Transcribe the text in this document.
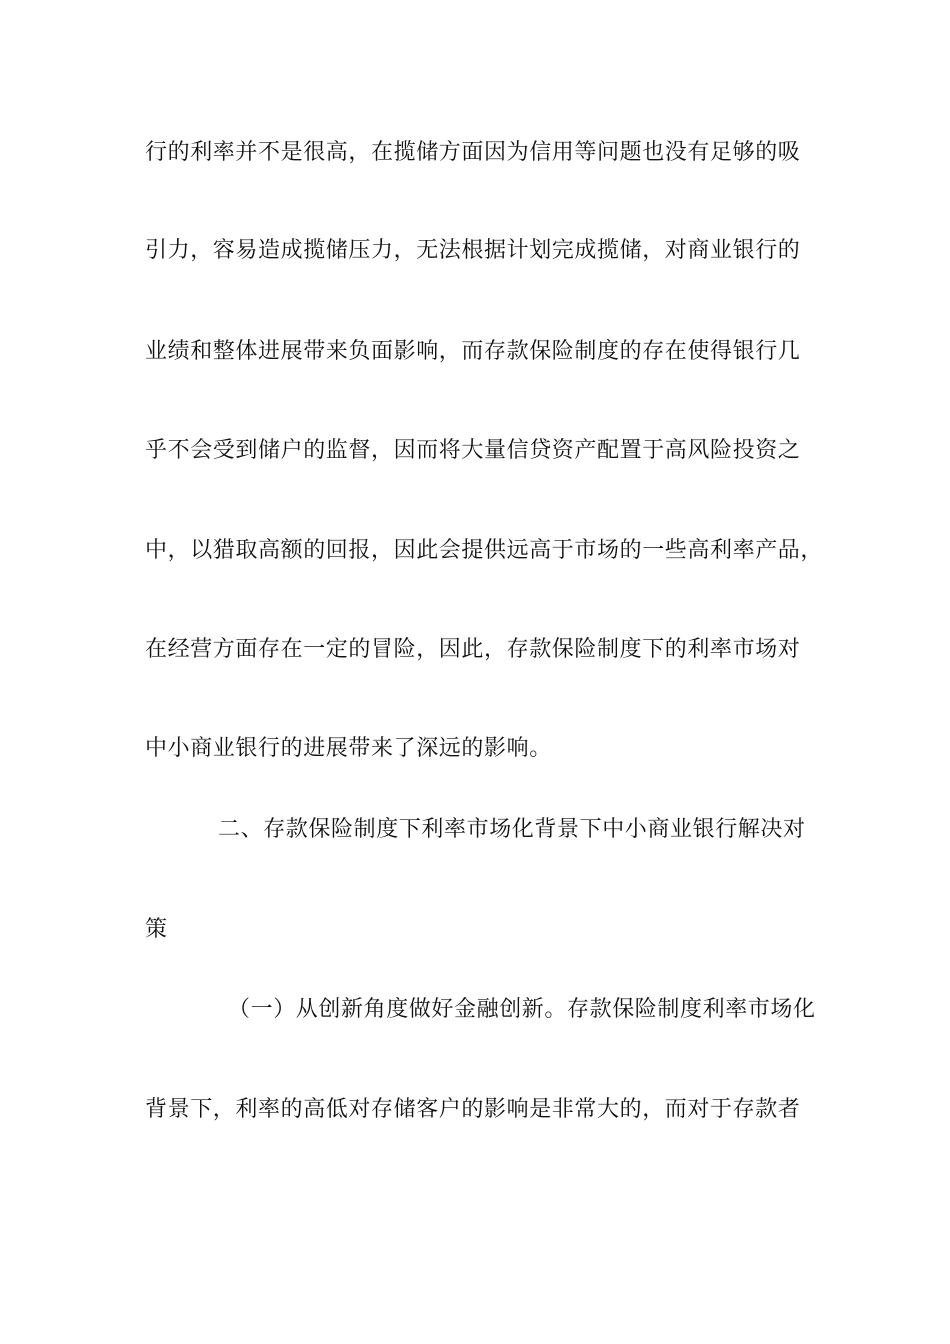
行的利率并不是很高，在揽储方面因为信用等问题也没有足够的吸
引力，容易造成揽储压力，无法根据计划完成揽储，对商业银行的
业绩和整体进展带来负面影响，而存款保险制度的存在使得银行几
乎不会受到储户的监督，因而将大量信贷资产配置于高风险投资之
中，以猎取高额的回报，因此会提供远高于市场的一些高利率产品，
在经营方面存在一定的冒险，因此，存款保险制度下的利率市场对
中小商业银行的进展带来了深远的影响。
二、存款保险制度下利率市场化背景下中小商业银行解决对
策
（一）从创新角度做好金融创新。存款保险制度利率市场化
背景下，利率的高低对存储客户的影响是非常大的，而对于存款者
